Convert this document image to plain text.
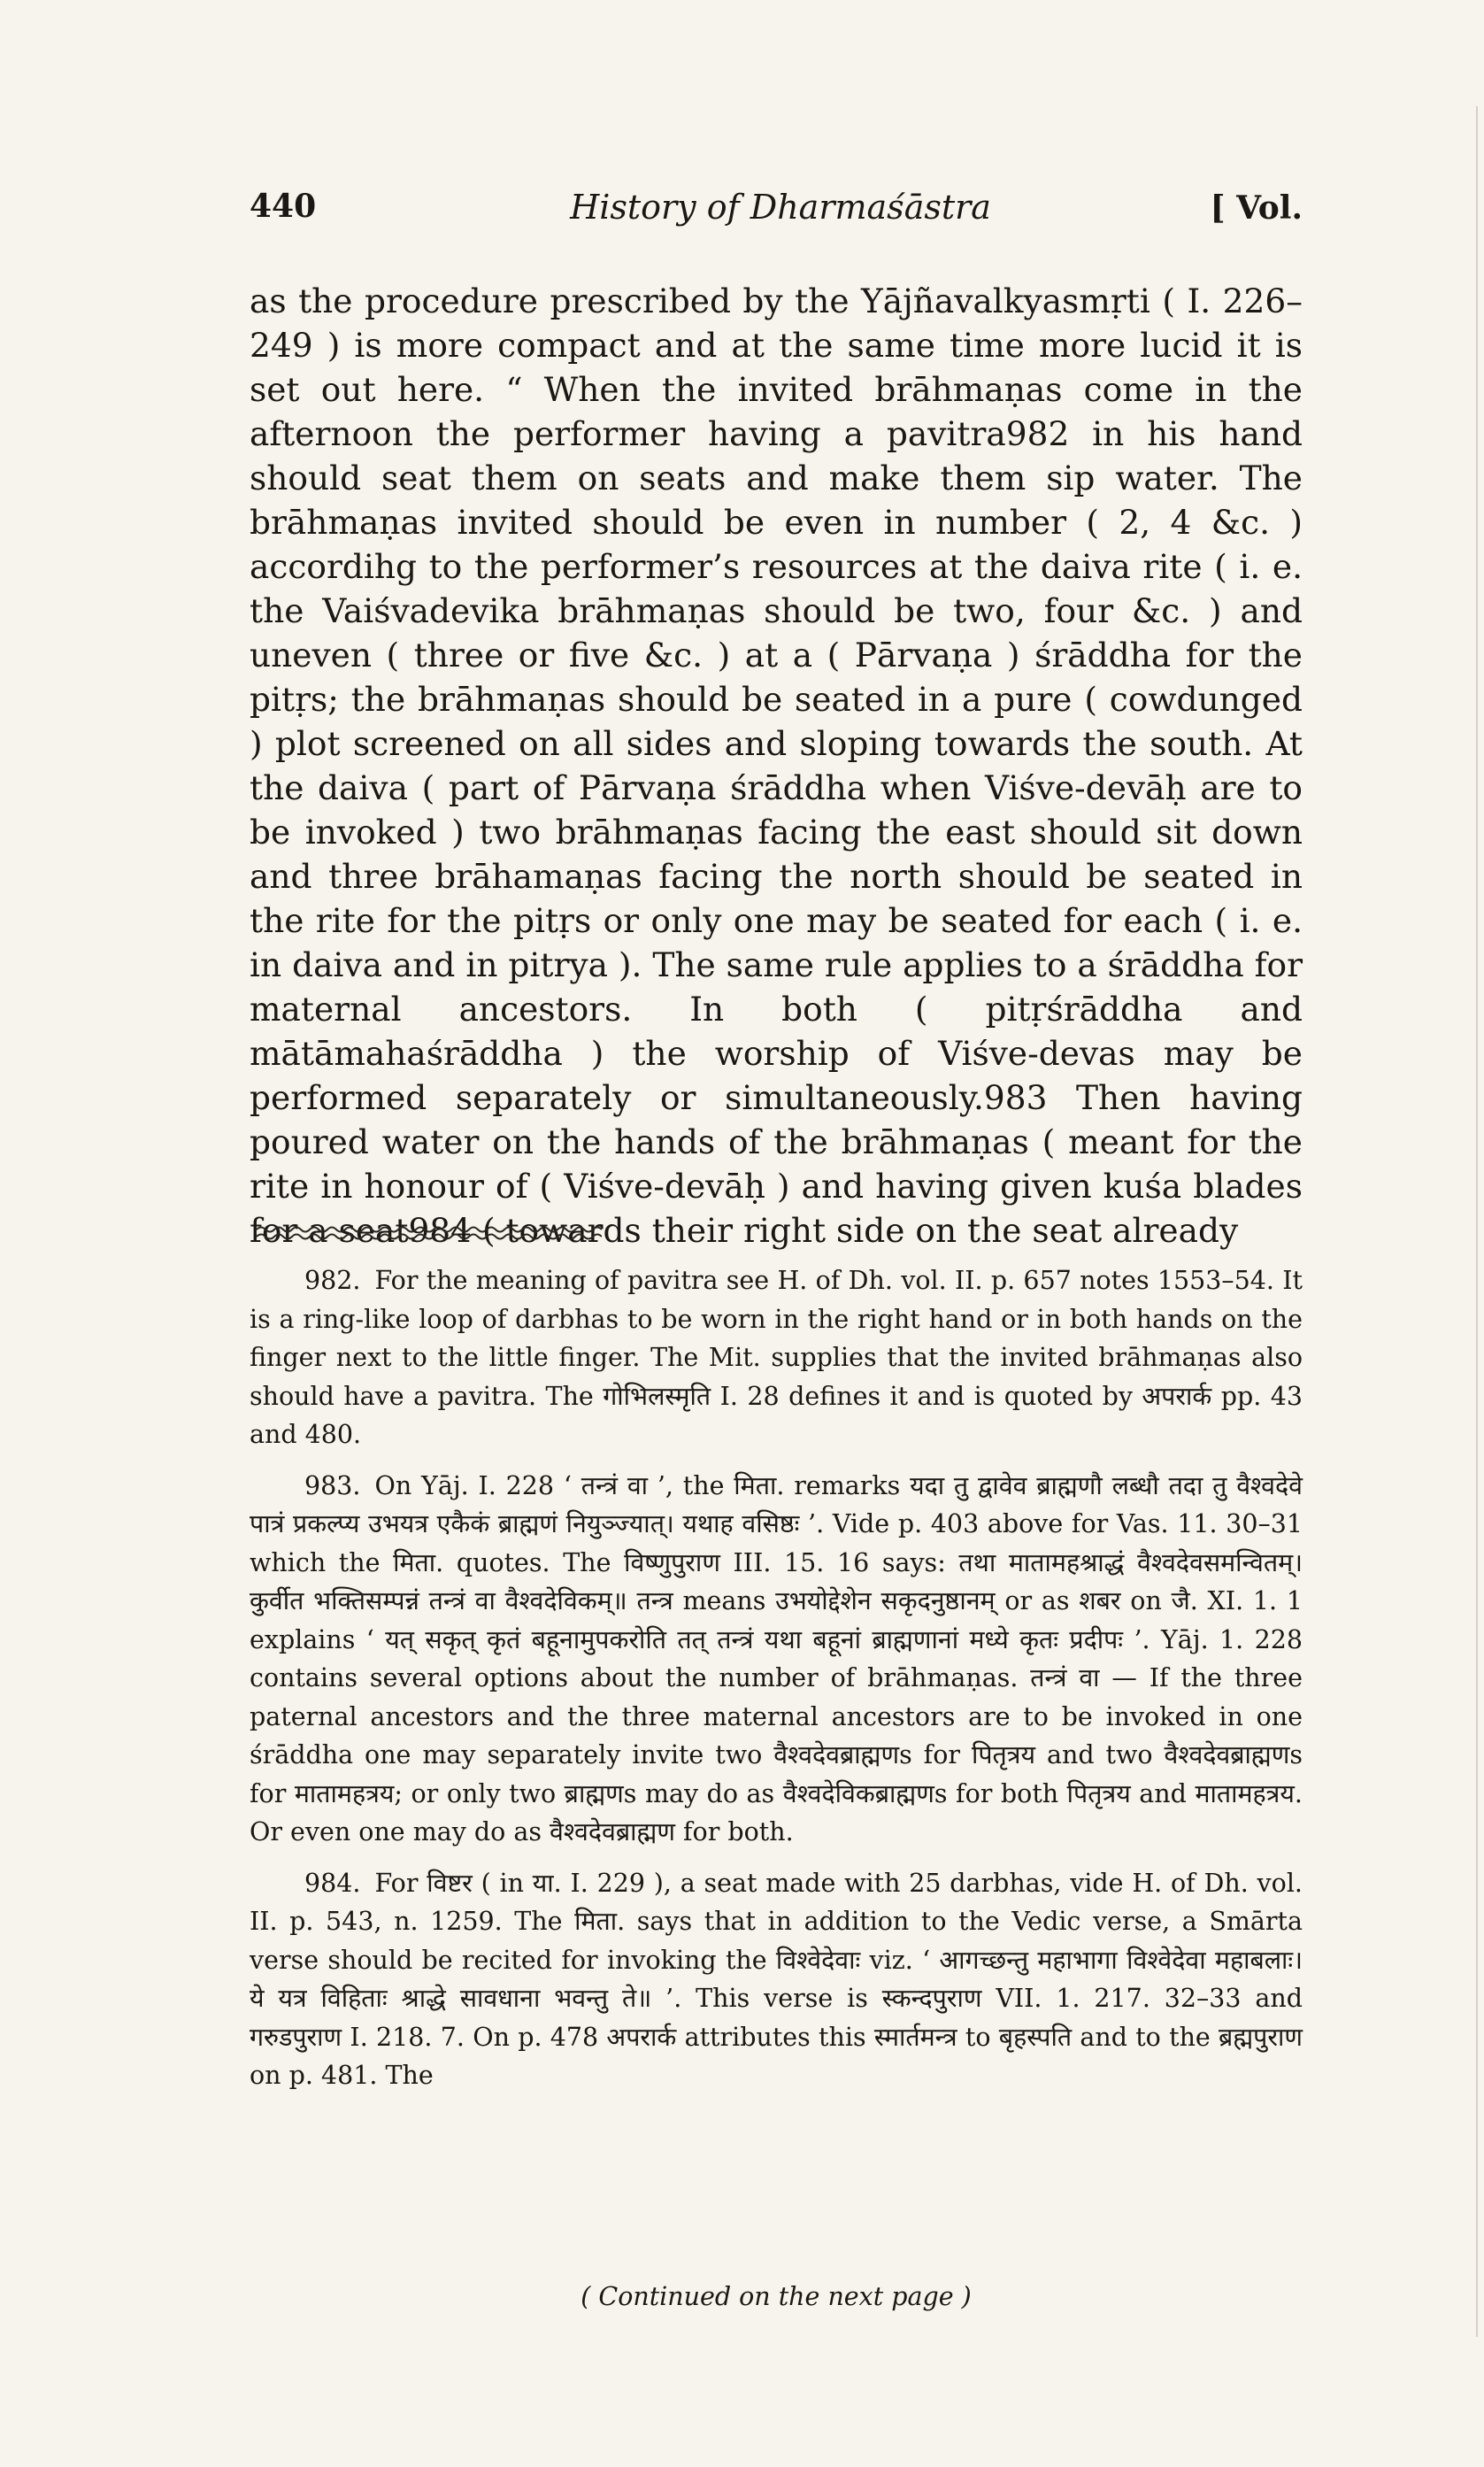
440	History of Dharmaśāstra	[ Vol.

as the procedure prescribed by the Yājñavalkyasmṛti ( I. 226–249 ) is more compact and at the same time more lucid it is set out here. “ When the invited brāhmaṇas come in the afternoon the performer having a pavitra982 in his hand should seat them on seats and make them sip water. The brāhmaṇas invited should be even in number ( 2, 4 &c. ) accordihg to the performer’s resources at the daiva rite ( i. e. the Vaiśvadevika brāhmaṇas should be two, four &c. ) and uneven ( three or five &c. ) at a ( Pārvaṇa ) śrāddha for the pitṛs; the brāhmaṇas should be seated in a pure ( cowdunged ) plot screened on all sides and sloping towards the south. At the daiva ( part of Pārvaṇa śrāddha when Viśve-devāḥ are to be invoked ) two brāhmaṇas facing the east should sit down and three brāhamaṇas facing the north should be seated in the rite for the pitṛs or only one may be seated for each ( i. e. in daiva and in pitrya ). The same rule applies to a śrāddha for maternal ancestors. In both ( pitṛśrāddha and mātāmahaśrāddha ) the worship of Viśve-devas may be performed separately or simultaneously.983 Then having poured water on the hands of the brāhmaṇas ( meant for the rite in honour of ( Viśve-devāḥ ) and having given kuśa blades for a seat984 ( towards their right side on the seat already

982. For the meaning of pavitra see H. of Dh. vol. II. p. 657 notes 1553–54. It is a ring-like loop of darbhas to be worn in the right hand or in both hands on the finger next to the little finger. The Mit. supplies that the invited brāhmaṇas also should have a pavitra. The गोभिलस्मृति I. 28 defines it and is quoted by अपरार्क pp. 43 and 480.

983. On Yāj. I. 228 ‘ तन्त्रं वा ’, the मिता. remarks यदा तु द्वावेव ब्राह्मणौ लब्धौ तदा तु वैश्वदेवे पात्रं प्रकल्प्य उभयत्र एकैकं ब्राह्मणं नियुञ्ज्यात्। यथाह वसिष्ठः ’. Vide p. 403 above for Vas. 11. 30–31 which the मिता. quotes. The विष्णुपुराण III. 15. 16 says: तथा मातामहश्राद्धं वैश्वदेवसमन्वितम्। कुर्वीत भक्तिसम्पन्नं तन्त्रं वा वैश्वदेविकम्॥ तन्त्र means उभयोद्देशेन सकृदनुष्ठानम् or as शबर on जै. XI. 1. 1 explains ‘ यत् सकृत् कृतं बहूनामुपकरोति तत् तन्त्रं यथा बहूनां ब्राह्मणानां मध्ये कृतः प्रदीपः ’. Yāj. 1. 228 contains several options about the number of brāhmaṇas. तन्त्रं वा — If the three paternal ancestors and the three maternal ancestors are to be invoked in one śrāddha one may separately invite two वैश्वदेवब्राह्मणs for पितृत्रय and two वैश्वदेवब्राह्मणs for मातामहत्रय; or only two ब्राह्मणs may do as वैश्वदेविकब्राह्मणs for both पितृत्रय and मातामहत्रय. Or even one may do as वैश्वदेवब्राह्मण for both.

984. For विष्टर ( in या. I. 229 ), a seat made with 25 darbhas, vide H. of Dh. vol. II. p. 543, n. 1259. The मिता. says that in addition to the Vedic verse, a Smārta verse should be recited for invoking the विश्वेदेवाः viz. ‘ आगच्छन्तु महाभागा विश्वेदेवा महाबलाः। ये यत्र विहिताः श्राद्धे सावधाना भवन्तु ते॥ ’. This verse is स्कन्दपुराण VII. 1. 217. 32–33 and गरुडपुराण I. 218. 7. On p. 478 अपरार्क attributes this स्मार्तमन्त्र to बृहस्पति and to the ब्रह्मपुराण on p. 481. The

( Continued on the next page )
